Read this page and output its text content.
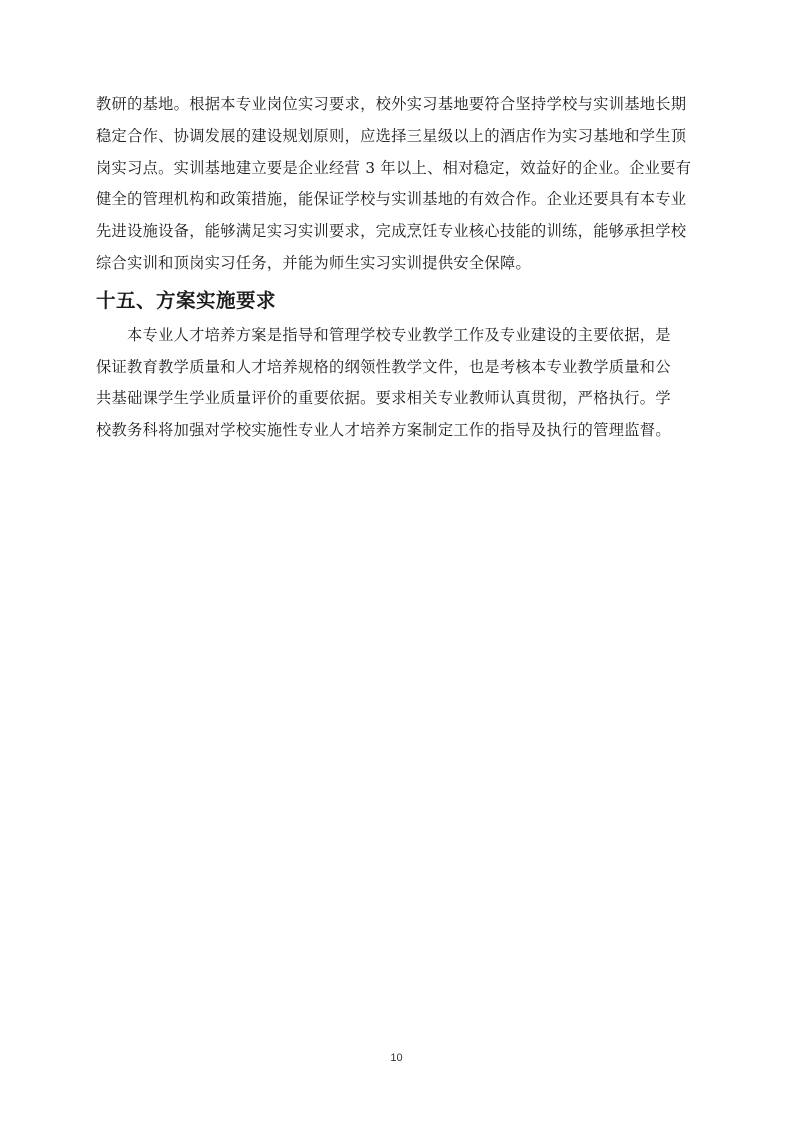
教研的基地。根据本专业岗位实习要求，校外实习基地要符合坚持学校与实训基地长期
稳定合作、协调发展的建设规划原则，应选择三星级以上的酒店作为实习基地和学生顶
岗实习点。实训基地建立要是企业经营 3 年以上、相对稳定，效益好的企业。企业要有
健全的管理机构和政策措施，能保证学校与实训基地的有效合作。企业还要具有本专业
先进设施设备，能够满足实习实训要求，完成烹饪专业核心技能的训练，能够承担学校
综合实训和顶岗实习任务，并能为师生实习实训提供安全保障。
十五、方案实施要求
本专业人才培养方案是指导和管理学校专业教学工作及专业建设的主要依据，是
保证教育教学质量和人才培养规格的纲领性教学文件，也是考核本专业教学质量和公
共基础课学生学业质量评价的重要依据。要求相关专业教师认真贯彻，严格执行。学
校教务科将加强对学校实施性专业人才培养方案制定工作的指导及执行的管理监督。
10
